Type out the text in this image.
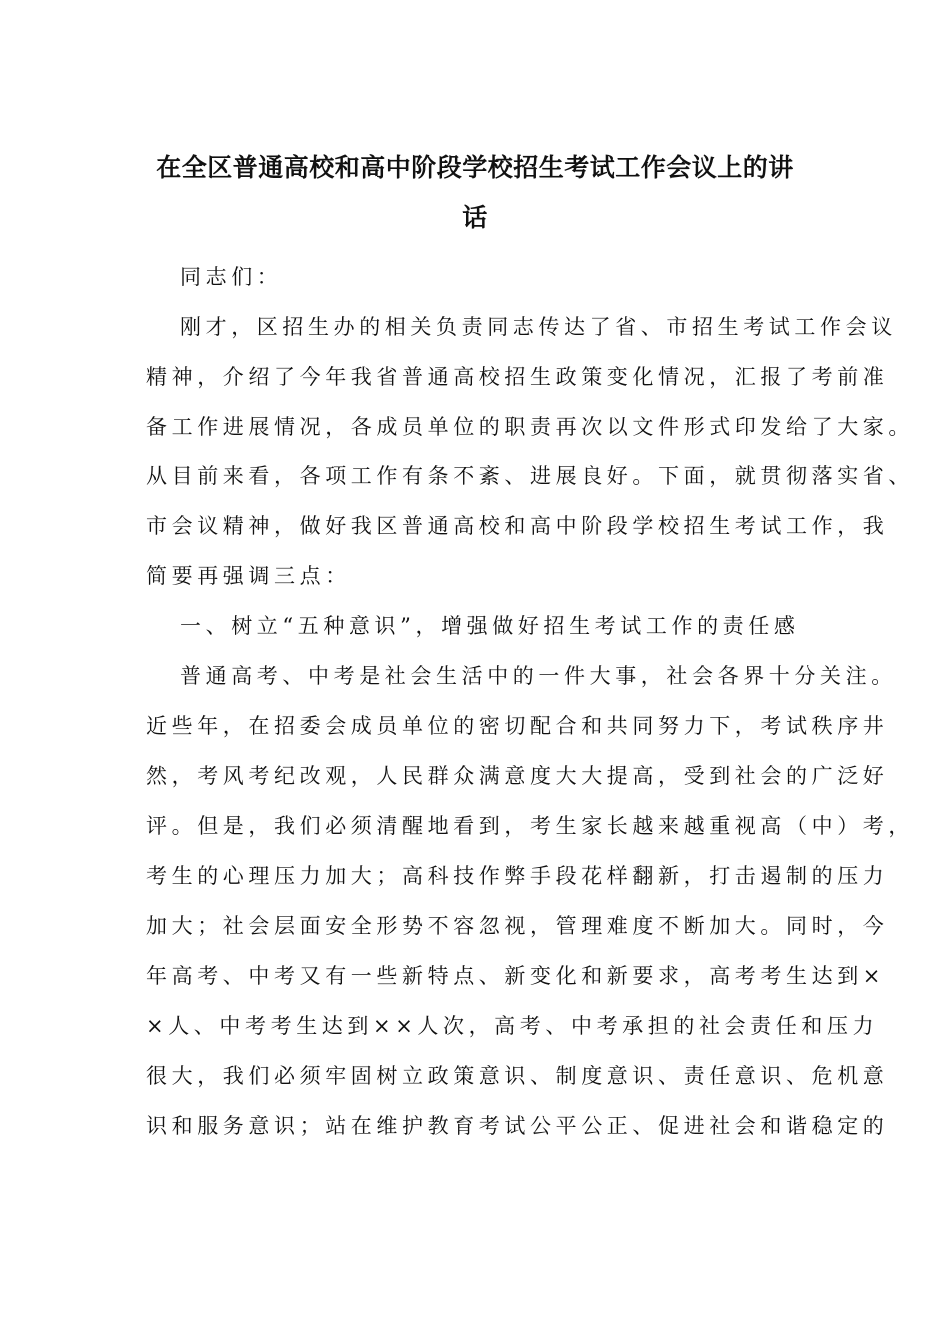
在全区普通高校和高中阶段学校招生考试工作会议上的讲
话
同志们：
刚才，区招生办的相关负责同志传达了省、市招生考试工作会议
精神，介绍了今年我省普通高校招生政策变化情况，汇报了考前准
备工作进展情况，各成员单位的职责再次以文件形式印发给了大家。
从目前来看，各项工作有条不紊、进展良好。下面，就贯彻落实省、
市会议精神，做好我区普通高校和高中阶段学校招生考试工作，我
简要再强调三点：
一、树立“五种意识”，增强做好招生考试工作的责任感
普通高考、中考是社会生活中的一件大事，社会各界十分关注。
近些年，在招委会成员单位的密切配合和共同努力下，考试秩序井
然，考风考纪改观，人民群众满意度大大提高，受到社会的广泛好
评。但是，我们必须清醒地看到，考生家长越来越重视高（中）考，
考生的心理压力加大；高科技作弊手段花样翻新，打击遏制的压力
加大；社会层面安全形势不容忽视，管理难度不断加大。同时，今
年高考、中考又有一些新特点、新变化和新要求，高考考生达到×
×人、中考考生达到××人次，高考、中考承担的社会责任和压力
很大，我们必须牢固树立政策意识、制度意识、责任意识、危机意
识和服务意识；站在维护教育考试公平公正、促进社会和谐稳定的
